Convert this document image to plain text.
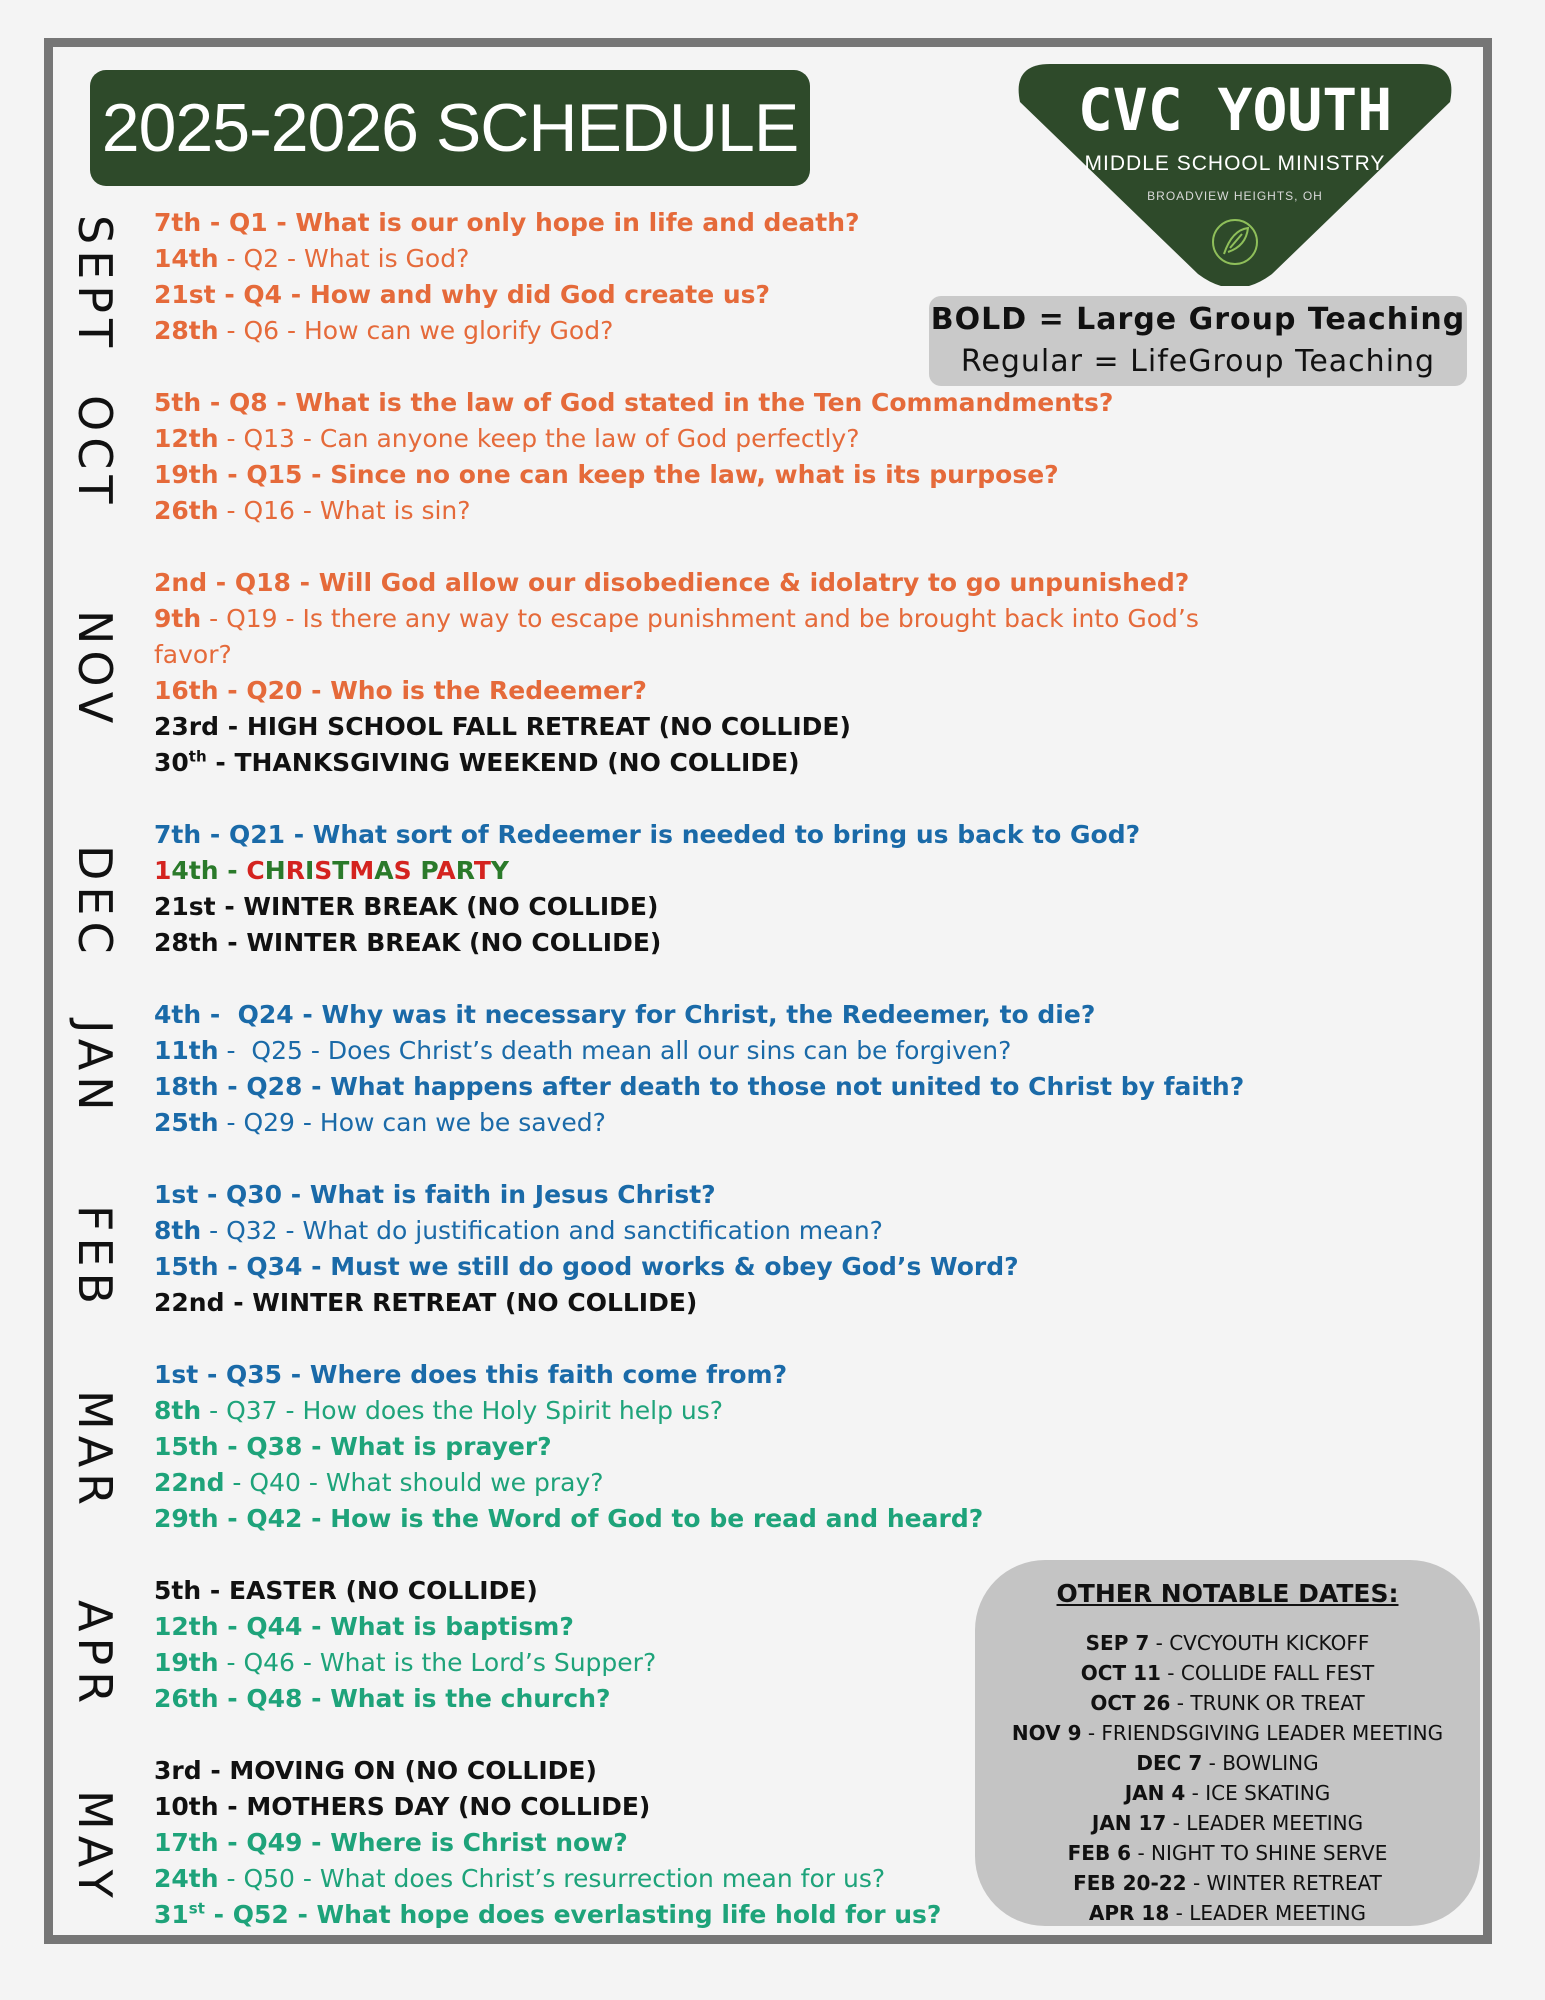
2025-2026 SCHEDULE	CVC YOUTH
MIDDLE SCHOOL MINISTRY
BROADVIEW HEIGHTS, OH
BOLD = Large Group Teaching
Regular = LifeGroup Teaching
SEPT
OCT
NOV
DEC
JAN
FEB
MAR
APR
MAY
7th - Q1 - What is our only hope in life and death?
14th - Q2 - What is God?
21st - Q4 - How and why did God create us?
28th - Q6 - How can we glorify God?
5th - Q8 - What is the law of God stated in the Ten Commandments?
12th - Q13 - Can anyone keep the law of God perfectly?
19th - Q15 - Since no one can keep the law, what is its purpose?
26th - Q16 - What is sin?
2nd - Q18 - Will God allow our disobedience & idolatry to go unpunished?
9th - Q19 - Is there any way to escape punishment and be brought back into God’s favor?
16th - Q20 - Who is the Redeemer?
23rd - HIGH SCHOOL FALL RETREAT (NO COLLIDE)
30th - THANKSGIVING WEEKEND (NO COLLIDE)
7th - Q21 - What sort of Redeemer is needed to bring us back to God?
14th - CHRISTMAS PARTY
21st - WINTER BREAK (NO COLLIDE)
28th - WINTER BREAK (NO COLLIDE)
4th -  Q24 - Why was it necessary for Christ, the Redeemer, to die?
11th -  Q25 - Does Christ’s death mean all our sins can be forgiven?
18th - Q28 - What happens after death to those not united to Christ by faith?
25th - Q29 - How can we be saved?
1st - Q30 - What is faith in Jesus Christ?
8th - Q32 - What do justification and sanctification mean?
15th - Q34 - Must we still do good works & obey God’s Word?
22nd - WINTER RETREAT (NO COLLIDE)
1st - Q35 - Where does this faith come from?
8th - Q37 - How does the Holy Spirit help us?
15th - Q38 - What is prayer?
22nd - Q40 - What should we pray?
29th - Q42 - How is the Word of God to be read and heard?
5th - EASTER (NO COLLIDE)
12th - Q44 - What is baptism?
19th - Q46 - What is the Lord’s Supper?
26th - Q48 - What is the church?
3rd - MOVING ON (NO COLLIDE)
10th - MOTHERS DAY (NO COLLIDE)
17th - Q49 - Where is Christ now?
24th - Q50 - What does Christ’s resurrection mean for us?
31st - Q52 - What hope does everlasting life hold for us?
OTHER NOTABLE DATES:
SEP 7 - CVCYOUTH KICKOFF
OCT 11 - COLLIDE FALL FEST
OCT 26 - TRUNK OR TREAT
NOV 9 - FRIENDSGIVING LEADER MEETING
DEC 7 - BOWLING
JAN 4 - ICE SKATING
JAN 17 - LEADER MEETING
FEB 6 - NIGHT TO SHINE SERVE
FEB 20-22 - WINTER RETREAT
APR 18 - LEADER MEETING
